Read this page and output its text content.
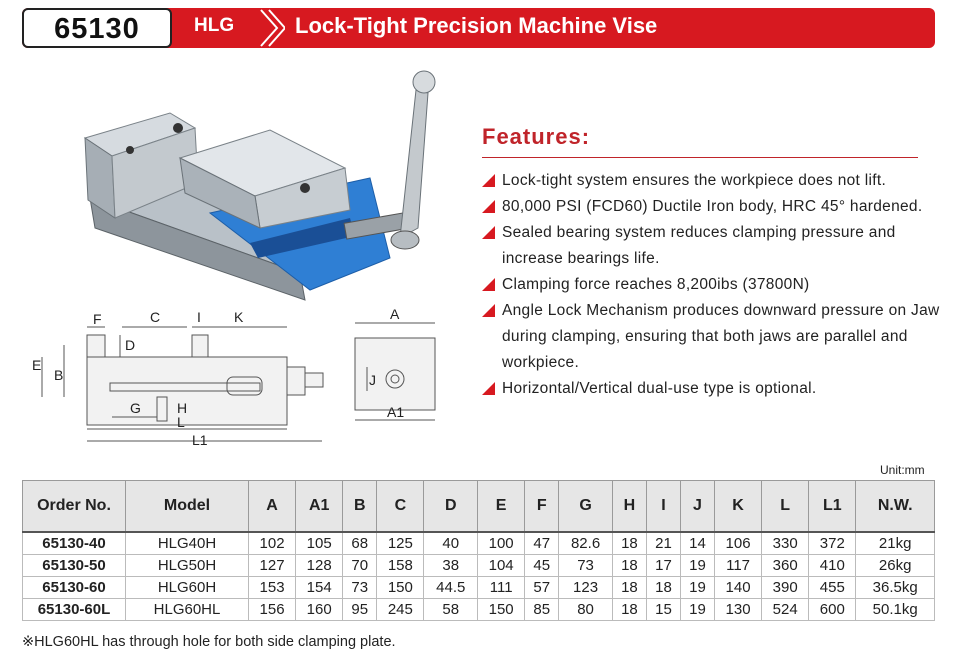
65130	HLG	Lock-Tight Precision Machine Vise
Features:
Lock-tight system ensures the workpiece does not lift.
80,000 PSI (FCD60) Ductile Iron body, HRC 45° hardened.
Sealed bearing system reduces clamping pressure and increase bearings life.
Clamping force reaches 8,200ibs (37800N)
Angle Lock Mechanism produces downward pressure on Jaw during clamping, ensuring that both jaws are parallel and workpiece.
Horizontal/Vertical dual-use type is optional.
F	C	I K
D
E
B
G	H
L
L1
A
A1
J
Unit:mm
Order No.	Model	A	A1	B	C	D	E	F	G	H	I	J	K	L	L1	N.W.
65130-40	HLG40H	102	105	68	125	40	100	47	82.6	18	21	14	106	330	372	21kg
65130-50	HLG50H	127	128	70	158	38	104	45	73	18	17	19	117	360	410	26kg
65130-60	HLG60H	153	154	73	150	44.5	111	57	123	18	18	19	140	390	455	36.5kg
65130-60L	HLG60HL	156	160	95	245	58	150	85	80	18	15	19	130	524	600	50.1kg
※HLG60HL has through hole for both side clamping plate.
